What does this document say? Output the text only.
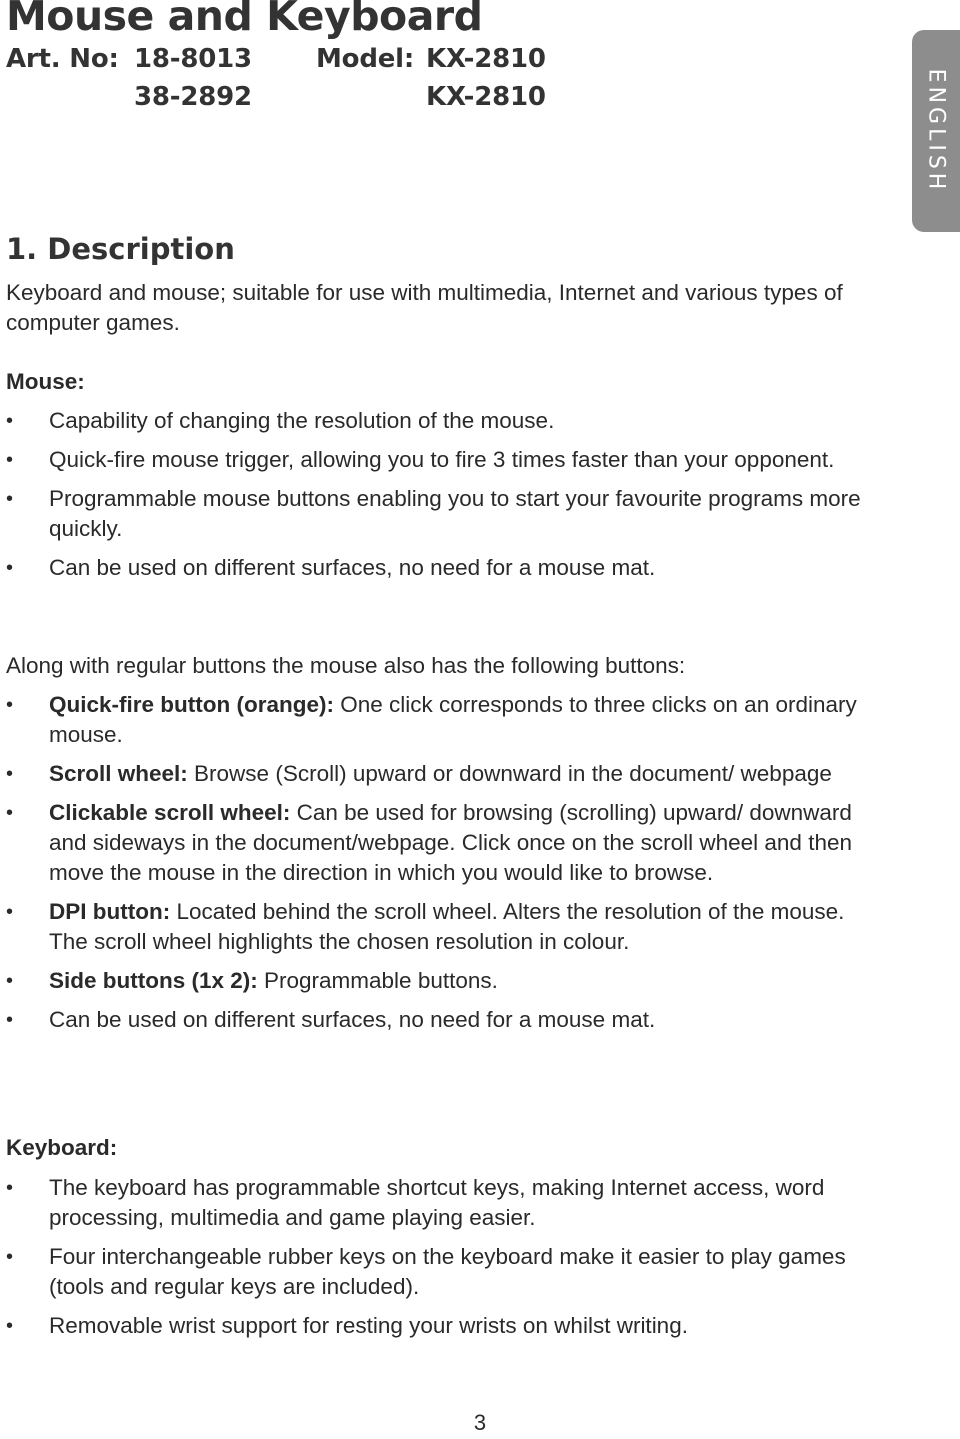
Mouse and Keyboard
Art. No: 18-8013 Model: KX-2810
38-2892	KX-2810	ENGLISH
1. Description

Keyboard and mouse; suitable for use with multimedia, Internet and various types of computer games.

Mouse:

• Capability of changing the resolution of the mouse.
• Quick-fire mouse trigger, allowing you to fire 3 times faster than your opponent.
• Programmable mouse buttons enabling you to start your favourite programs more quickly.
• Can be used on different surfaces, no need for a mouse mat.

Along with regular buttons the mouse also has the following buttons:

• Quick-fire button (orange): One click corresponds to three clicks on an ordinary mouse.
• Scroll wheel: Browse (Scroll) upward or downward in the document/ webpage
• Clickable scroll wheel: Can be used for browsing (scrolling) upward/ downward and sideways in the document/webpage. Click once on the scroll wheel and then move the mouse in the direction in which you would like to browse.
• DPI button: Located behind the scroll wheel. Alters the resolution of the mouse. The scroll wheel highlights the chosen resolution in colour.
• Side buttons (1x 2): Programmable buttons.
• Can be used on different surfaces, no need for a mouse mat.

Keyboard:

• The keyboard has programmable shortcut keys, making Internet access, word processing, multimedia and game playing easier.
• Four interchangeable rubber keys on the keyboard make it easier to play games (tools and regular keys are included).
• Removable wrist support for resting your wrists on whilst writing.
3
